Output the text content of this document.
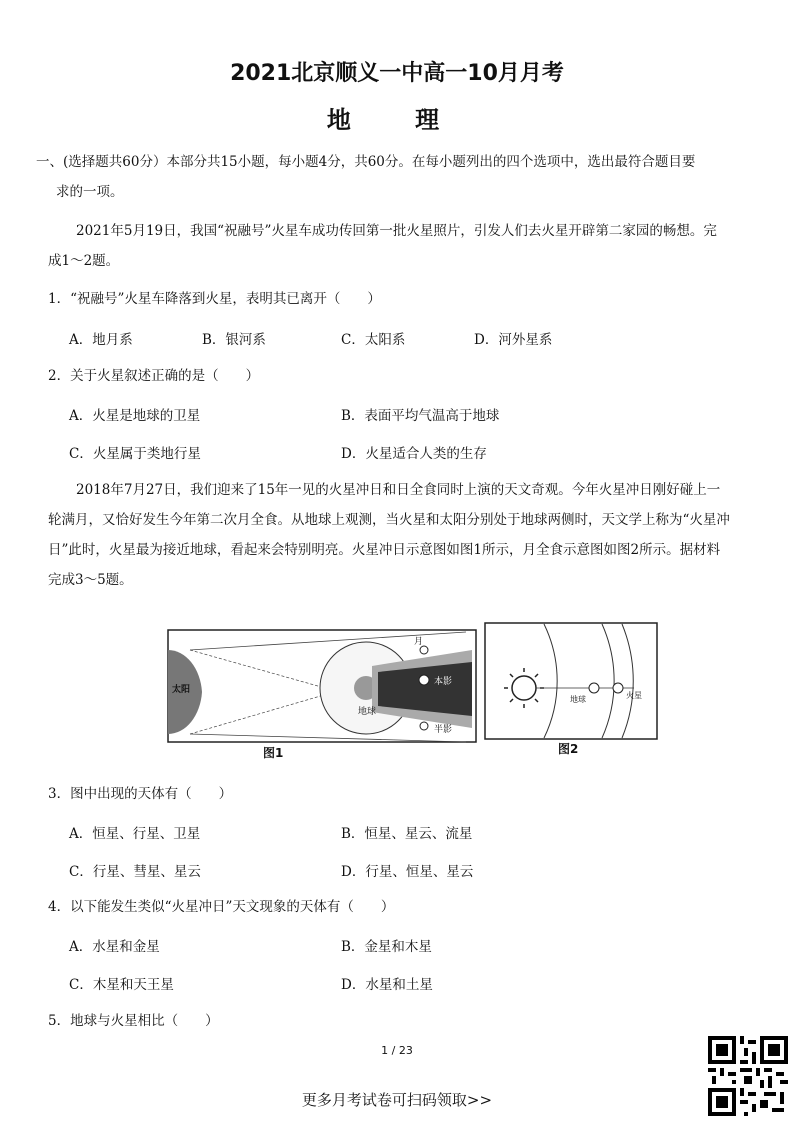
2021北京顺义一中高一10月月考
地 理
一、(选择题共60分）本部分共15小题，每小题4分，共60分。在每小题列出的四个选项中，选出最符合题目要
求的一项。
2021年5月19日，我国“祝融号”火星车成功传回第一批火星照片，引发人们去火星开辟第二家园的畅想。完
成1～2题。
1．“祝融号”火星车降落到火星，表明其已离开（　　）
A．地月系	B．银河系	C．太阳系	D．河外星系
2．关于火星叙述正确的是（　　）
A．火星是地球的卫星	B．表面平均气温高于地球
C．火星属于类地行星	D．火星适合人类的生存
2018年7月27日，我们迎来了15年一见的火星冲日和日全食同时上演的天文奇观。今年火星冲日刚好碰上一
轮满月，又恰好发生今年第二次月全食。从地球上观测，当火星和太阳分别处于地球两侧时，天文学上称为“火星冲
日”此时，火星最为接近地球，看起来会特别明亮。火星冲日示意图如图1所示，月全食示意图如图2所示。据材料
完成3～5题。
太阳
地球
月
本影
半影
图1
地球	火星
图2
3．图中出现的天体有（　　）
A．恒星、行星、卫星	B．恒星、星云、流星
C．行星、彗星、星云	D．行星、恒星、星云
4．以下能发生类似“火星冲日”天文现象的天体有（　　）
A．水星和金星	B．金星和木星
C．木星和天王星	D．水星和土星
5．地球与火星相比（　　）
1 / 23
更多月考试卷可扫码领取>>
